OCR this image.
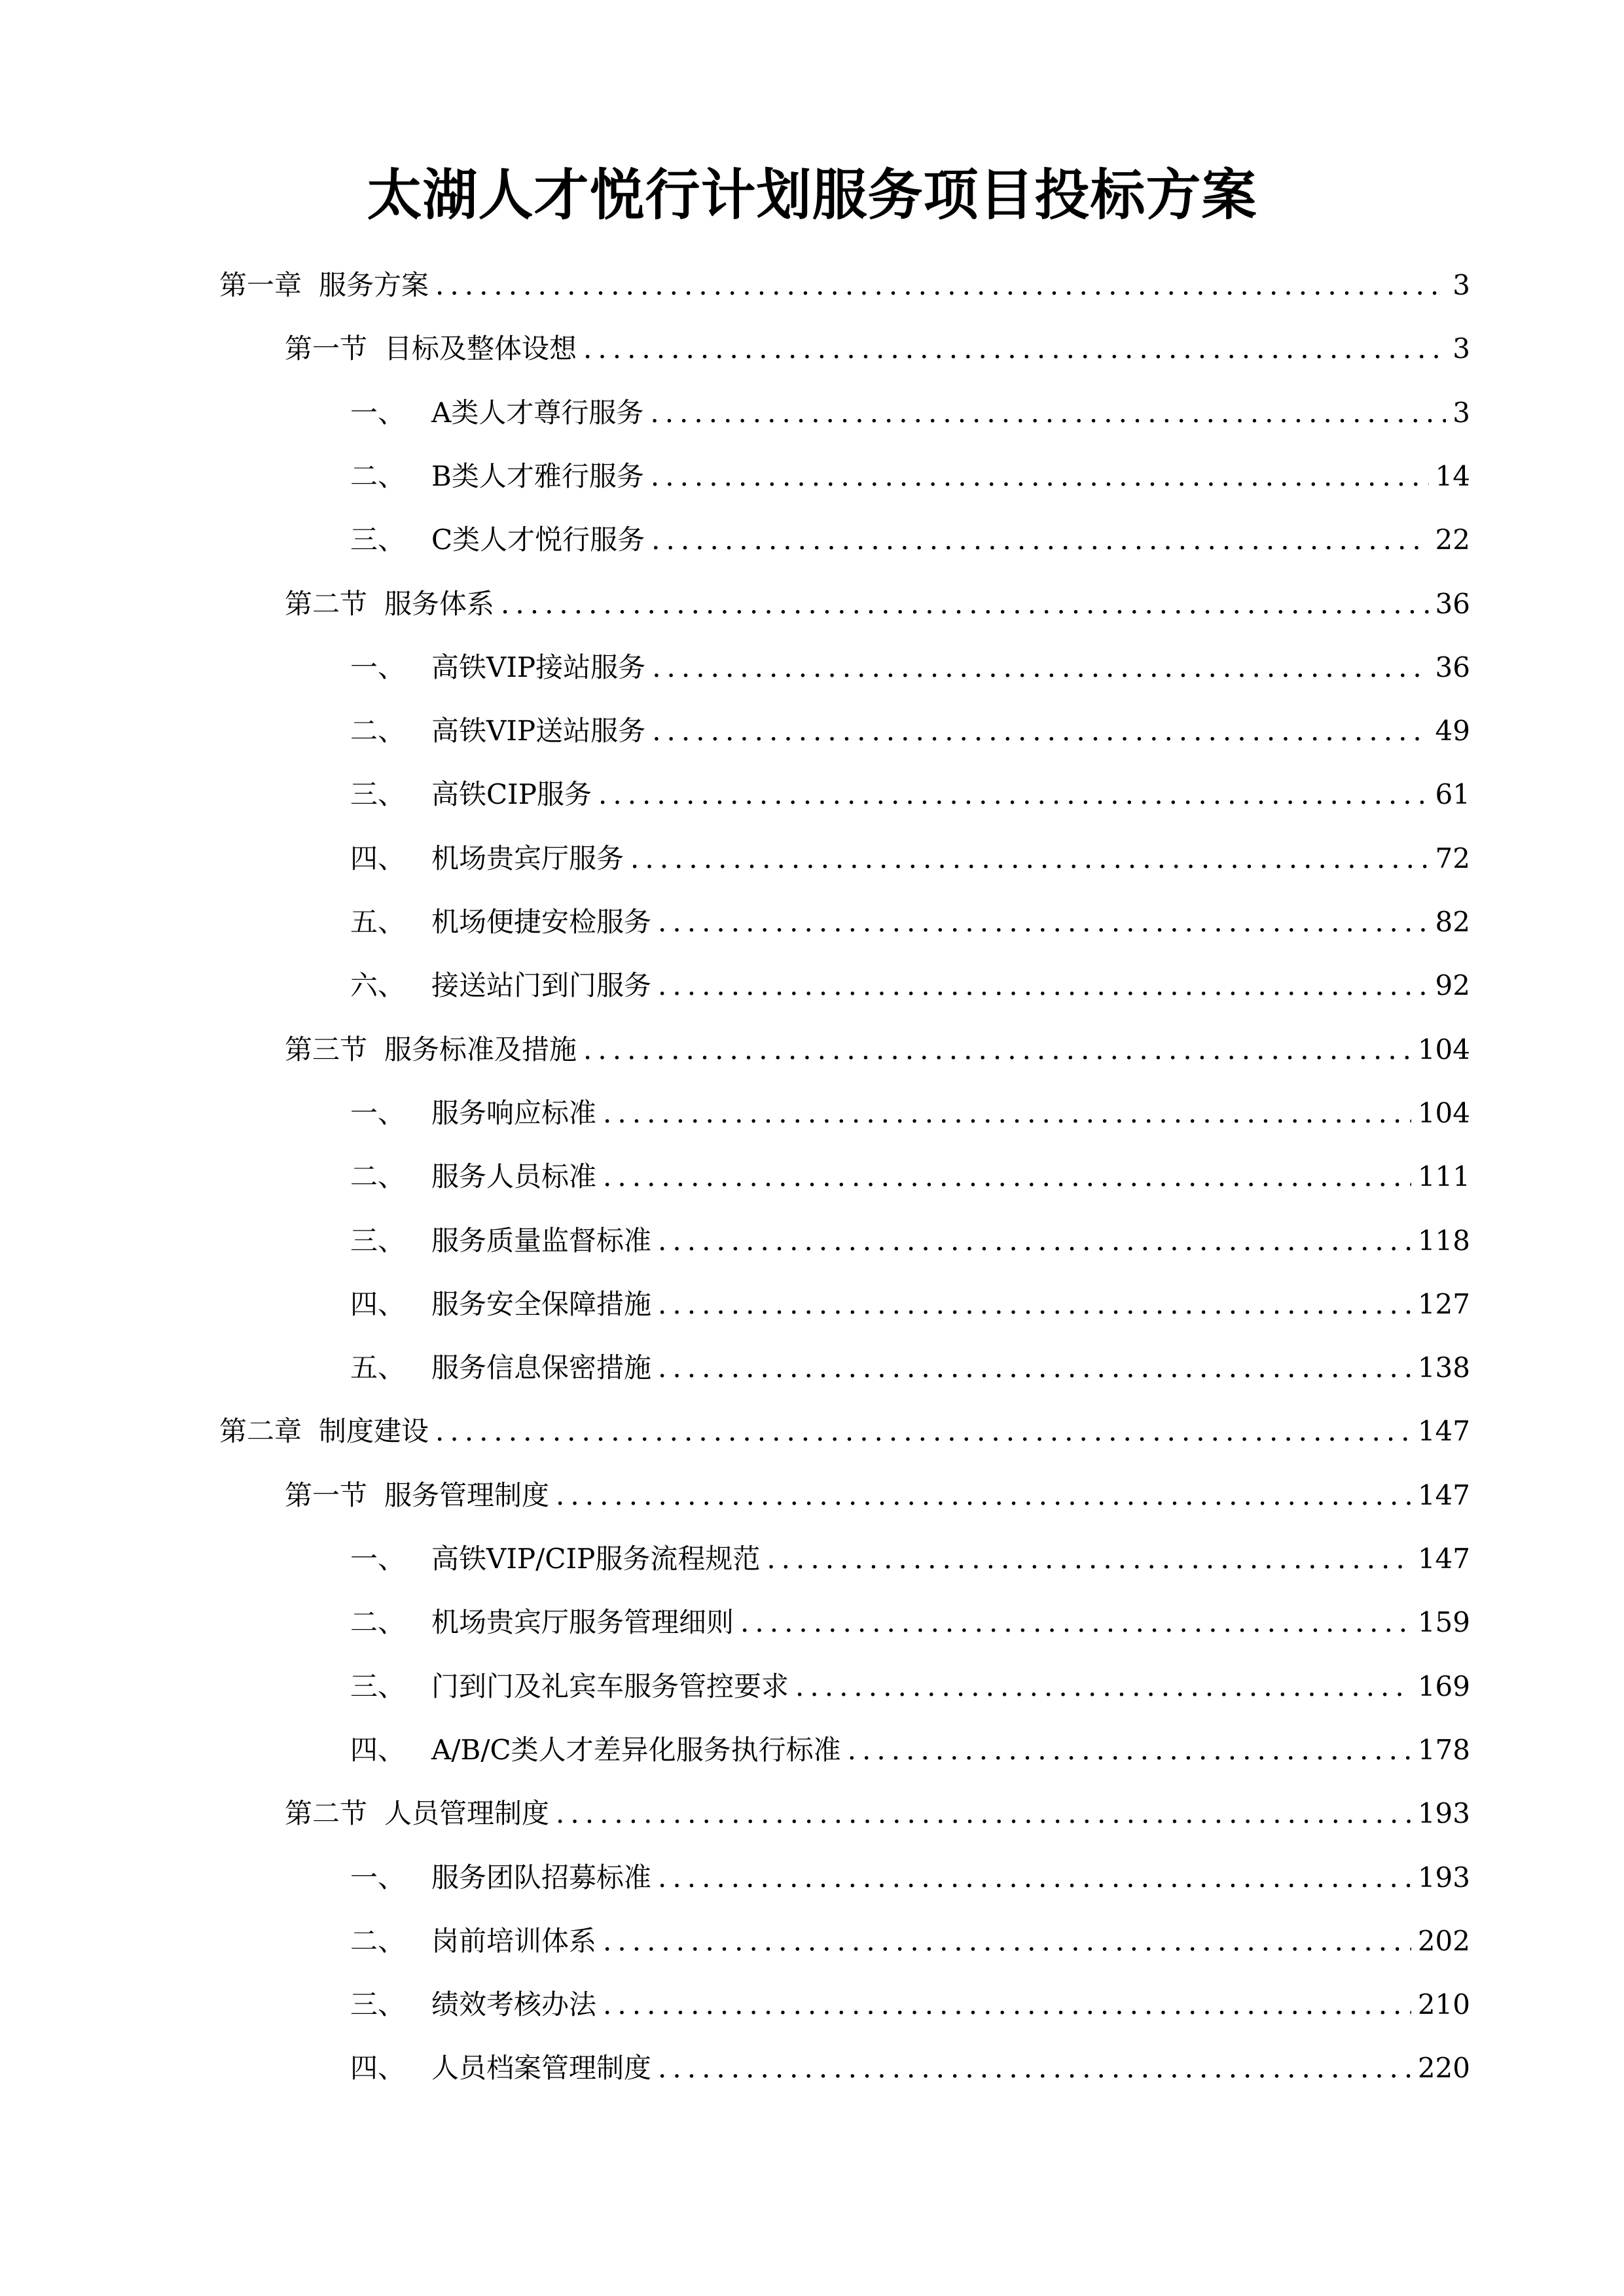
太湖人才悦行计划服务项目投标方案
第一章 服务方案 .....	3
第一节 目标及整体设想 .....	3
一、 A类人才尊行服务 .....	3
二、 B类人才雅行服务 .....	14
三、 C类人才悦行服务 .....	22
第二节 服务体系 .....	36
一、 高铁VIP接站服务 .....	36
二、 高铁VIP送站服务 .....	49
三、 高铁CIP服务 .....	61
四、 机场贵宾厅服务 .....	72
五、 机场便捷安检服务 .....	82
六、 接送站门到门服务 .....	92
第三节 服务标准及措施 .....	104
一、 服务响应标准 .....	104
二、 服务人员标准 .....	111
三、 服务质量监督标准 .....	118
四、 服务安全保障措施 .....	127
五、 服务信息保密措施 .....	138
第二章 制度建设 .....	147
第一节 服务管理制度 .....	147
一、 高铁VIP/CIP服务流程规范 .....	147
二、 机场贵宾厅服务管理细则 .....	159
三、 门到门及礼宾车服务管控要求 .....	169
四、 A/B/C类人才差异化服务执行标准 .....	178
第二节 人员管理制度 .....	193
一、 服务团队招募标准 .....	193
二、 岗前培训体系 .....	202
三、 绩效考核办法 .....	210
四、 人员档案管理制度 .....	220
